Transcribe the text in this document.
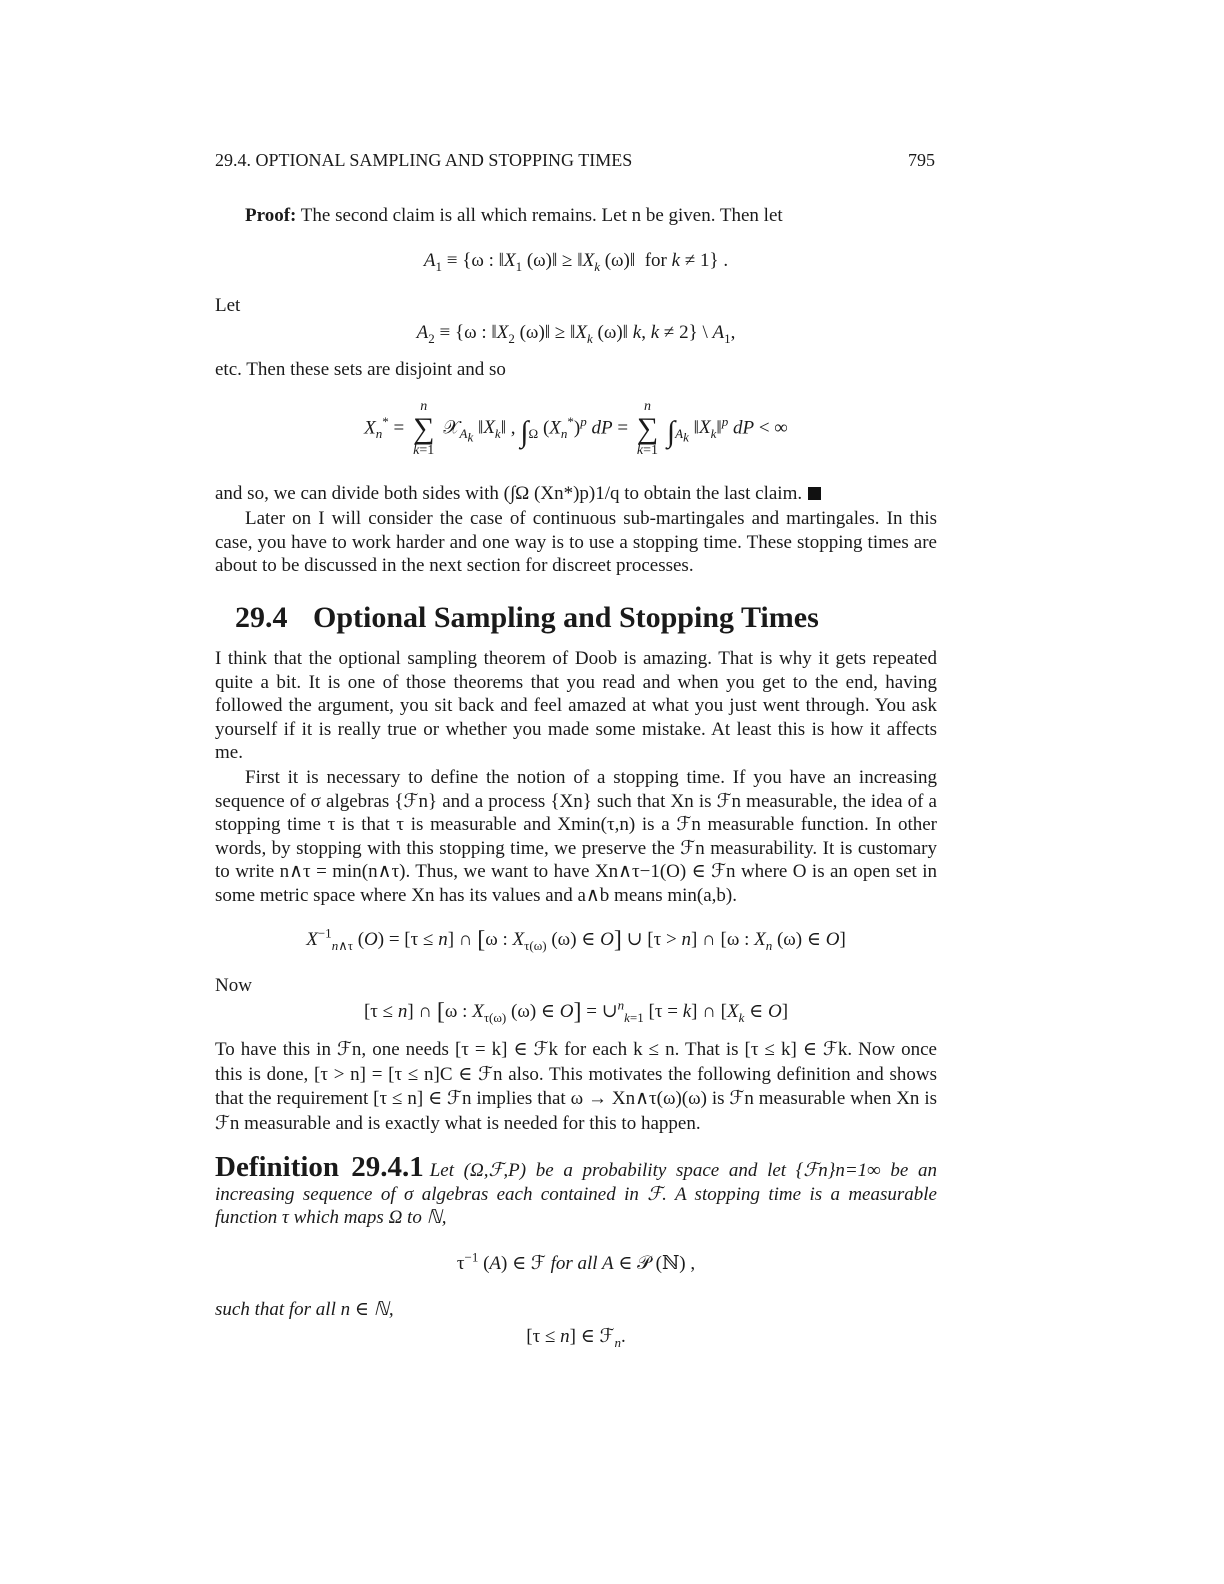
29.4. OPTIONAL SAMPLING AND STOPPING TIMES	795
Proof: The second claim is all which remains. Let n be given. Then let
$A_1 \equiv \{\omega$ : $‖X_1$ (ω)‖ ≥ $‖X_k$ (ω)‖  for k ≠ 1} .
Let
$A_2 \equiv \{\omega$ : $‖X_2$ (ω)‖ ≥ $‖X_k$ (ω)‖ k, k ≠ 2} \ $A_1$,
etc. Then these sets are disjoint and so
$X_n^* = n$
∑
k=1 𝒳$_{A_k}$ $‖X_k‖$ , $\int_\Omega$ $(X_n^*)^p$ dP = n
∑
k=1 $\int_{A_k}$ $‖X_k‖^p$ dP < ∞
and so, we can divide both sides with (∫Ω (Xn*)p)1/q to obtain the last claim.
Later on I will consider the case of continuous sub-martingales and martingales. In this case, you have to work harder and one way is to use a stopping time. These stopping times are about to be discussed in the next section for discreet processes.
29.4 Optional Sampling and Stopping Times
I think that the optional sampling theorem of Doob is amazing. That is why it gets repeated quite a bit. It is one of those theorems that you read and when you get to the end, having followed the argument, you sit back and feel amazed at what you just went through. You ask yourself if it is really true or whether you made some mistake. At least this is how it affects me.
First it is necessary to define the notion of a stopping time. If you have an increasing sequence of σ algebras {ℱn} and a process {Xn} such that Xn is ℱn measurable, the idea of a stopping time τ is that τ is measurable and Xmin(τ,n) is a ℱn measurable function. In other words, by stopping with this stopping time, we preserve the ℱn measurability. It is customary to write n∧τ = min(n∧τ). Thus, we want to have Xn∧τ−1(O) ∈ ℱn where O is an open set in some metric space where Xn has its values and a∧b means min(a,b).
$X^{-1}_{n\wedge\tau}$ (O) = [τ ≤ n] ∩ [ω : $X_{\tau(\omega)}$ (ω) ∈ O] ∪ [τ > n] ∩ [ω : $X_n$ (ω) ∈ O]
Now
[τ ≤ n] ∩ [ω : $X_{\tau(\omega)}$ (ω) ∈ O] = ∪$^n_{k=1}$ [τ = k] ∩ [$X_k$ ∈ O]
To have this in ℱn, one needs [τ = k] ∈ ℱk for each k ≤ n. That is [τ ≤ k] ∈ ℱk. Now once this is done, [τ > n] = [τ ≤ n]C ∈ ℱn also. This motivates the following definition and shows that the requirement [τ ≤ n] ∈ ℱn implies that ω → Xn∧τ(ω)(ω) is ℱn measurable when Xn is ℱn measurable and is exactly what is needed for this to happen.
Definition 29.4.1 Let (Ω,ℱ,P) be a probability space and let {ℱn}n=1∞ be an increasing sequence of σ algebras each contained in ℱ. A stopping time is a measurable function τ which maps Ω to ℕ,
$\tau^{-1}$ (A) ∈ ℱ for all A ∈ 𝒫 (ℕ) ,
such that for all n ∈ ℕ,
[τ ≤ n] ∈ ℱ$_n$.
